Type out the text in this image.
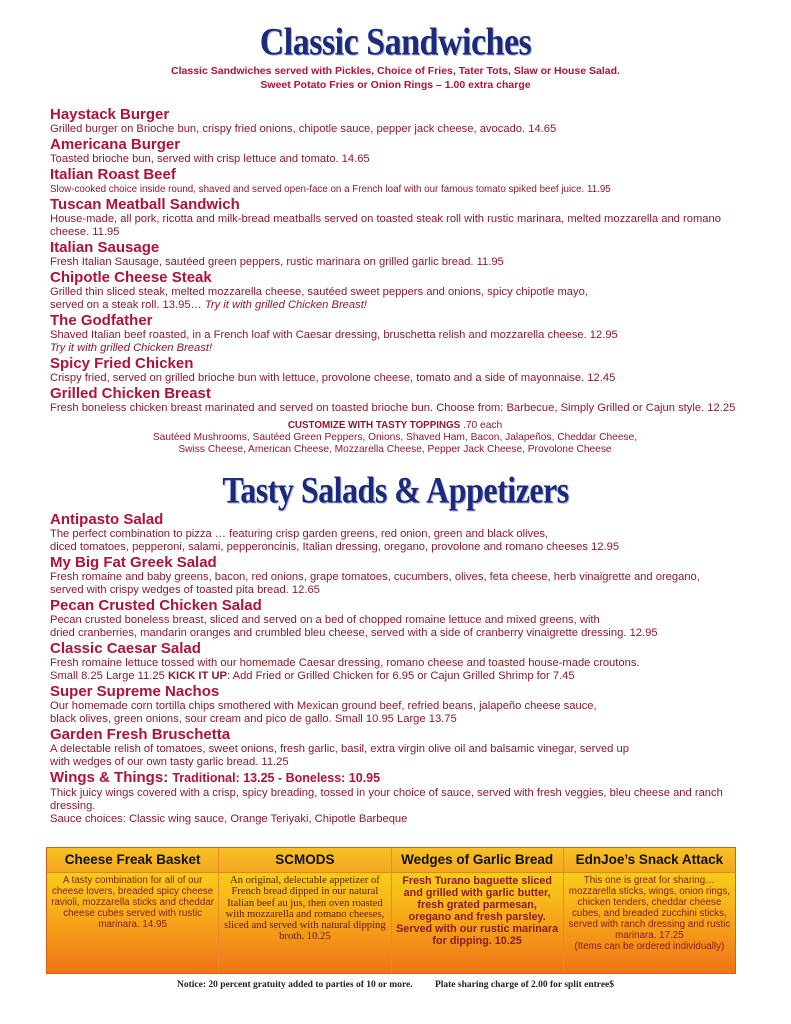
Classic Sandwiches
Classic Sandwiches served with Pickles, Choice of Fries, Tater Tots, Slaw or House Salad.
Sweet Potato Fries or Onion Rings – 1.00 extra charge
Haystack Burger
Grilled burger on Brioche bun, crispy fried onions, chipotle sauce, pepper jack cheese, avocado. 14.65
Americana Burger
Toasted brioche bun, served with crisp lettuce and tomato. 14.65
Italian Roast Beef
Slow-cooked choice inside round, shaved and served open-face on a French loaf with our famous tomato spiked beef juice. 11.95
Tuscan Meatball Sandwich
House-made, all pork, ricotta and milk-bread meatballs served on toasted steak roll with rustic marinara, melted mozzarella and romano cheese. 11.95
Italian Sausage
Fresh Italian Sausage, sautéed green peppers, rustic marinara on grilled garlic bread. 11.95
Chipotle Cheese Steak
Grilled thin sliced steak, melted mozzarella cheese, sautéed sweet peppers and onions, spicy chipotle mayo,
served on a steak roll. 13.95… Try it with grilled Chicken Breast!
The Godfather
Shaved Italian beef roasted, in a French loaf with Caesar dressing, bruschetta relish and mozzarella cheese. 12.95
Try it with grilled Chicken Breast!
Spicy Fried Chicken
Crispy fried, served on grilled brioche bun with lettuce, provolone cheese, tomato and a side of mayonnaise. 12.45
Grilled Chicken Breast
Fresh boneless chicken breast marinated and served on toasted brioche bun. Choose from: Barbecue, Simply Grilled or Cajun style. 12.25
CUSTOMIZE WITH TASTY TOPPINGS .70 each
Sautéed Mushrooms, Sautéed Green Peppers, Onions, Shaved Ham, Bacon, Jalapeños, Cheddar Cheese,
Swiss Cheese, American Cheese, Mozzarella Cheese, Pepper Jack Cheese, Provolone Cheese
Tasty Salads & Appetizers
Antipasto Salad
The perfect combination to pizza … featuring crisp garden greens, red onion, green and black olives,
diced tomatoes, pepperoni, salami, pepperoncinis, Italian dressing, oregano, provolone and romano cheeses 12.95
My Big Fat Greek Salad
Fresh romaine and baby greens, bacon, red onions, grape tomatoes, cucumbers, olives, feta cheese, herb vinaigrette and oregano,
served with crispy wedges of toasted pita bread. 12.65
Pecan Crusted Chicken Salad
Pecan crusted boneless breast, sliced and served on a bed of chopped romaine lettuce and mixed greens, with
dried cranberries, mandarin oranges and crumbled bleu cheese, served with a side of cranberry vinaigrette dressing. 12.95
Classic Caesar Salad
Fresh romaine lettuce tossed with our homemade Caesar dressing, romano cheese and toasted house-made croutons.
Small 8.25 Large 11.25 KICK IT UP: Add Fried or Grilled Chicken for 6.95 or Cajun Grilled Shrimp for 7.45
Super Supreme Nachos
Our homemade corn tortilla chips smothered with Mexican ground beef, refried beans, jalapeño cheese sauce,
black olives, green onions, sour cream and pico de gallo. Small 10.95 Large 13.75
Garden Fresh Bruschetta
A delectable relish of tomatoes, sweet onions, fresh garlic, basil, extra virgin olive oil and balsamic vinegar, served up
with wedges of our own tasty garlic bread. 11.25
Wings & Things: Traditional: 13.25 - Boneless: 10.95
Thick juicy wings covered with a crisp, spicy breading, tossed in your choice of sauce, served with fresh veggies, bleu cheese and ranch dressing.
Sauce choices: Classic wing sauce, Orange Teriyaki, Chipotle Barbeque
Cheese Freak Basket
A tasty combination for all of our cheese lovers, breaded spicy cheese ravioli, mozzarella sticks and cheddar cheese cubes served with rustic marinara. 14.95
SCMODS
An original, delectable appetizer of French bread dipped in our natural Italian beef au jus, then oven roasted with mozzarella and romano cheeses, sliced and served with natural dipping broth. 10.25
Wedges of Garlic Bread
Fresh Turano baguette sliced and grilled with garlic butter, fresh grated parmesan, oregano and fresh parsley. Served with our rustic marinara for dipping. 10.25
EdnJoe’s Snack Attack
This one is great for sharing… mozzarella sticks, wings, onion rings, chicken tenders, cheddar cheese cubes, and breaded zucchini sticks, served with ranch dressing and rustic marinara. 17.25
(Items can be ordered individually)
Notice: 20 percent gratuity added to parties of 10 or more. Plate sharing charge of 2.00 for split entree$
